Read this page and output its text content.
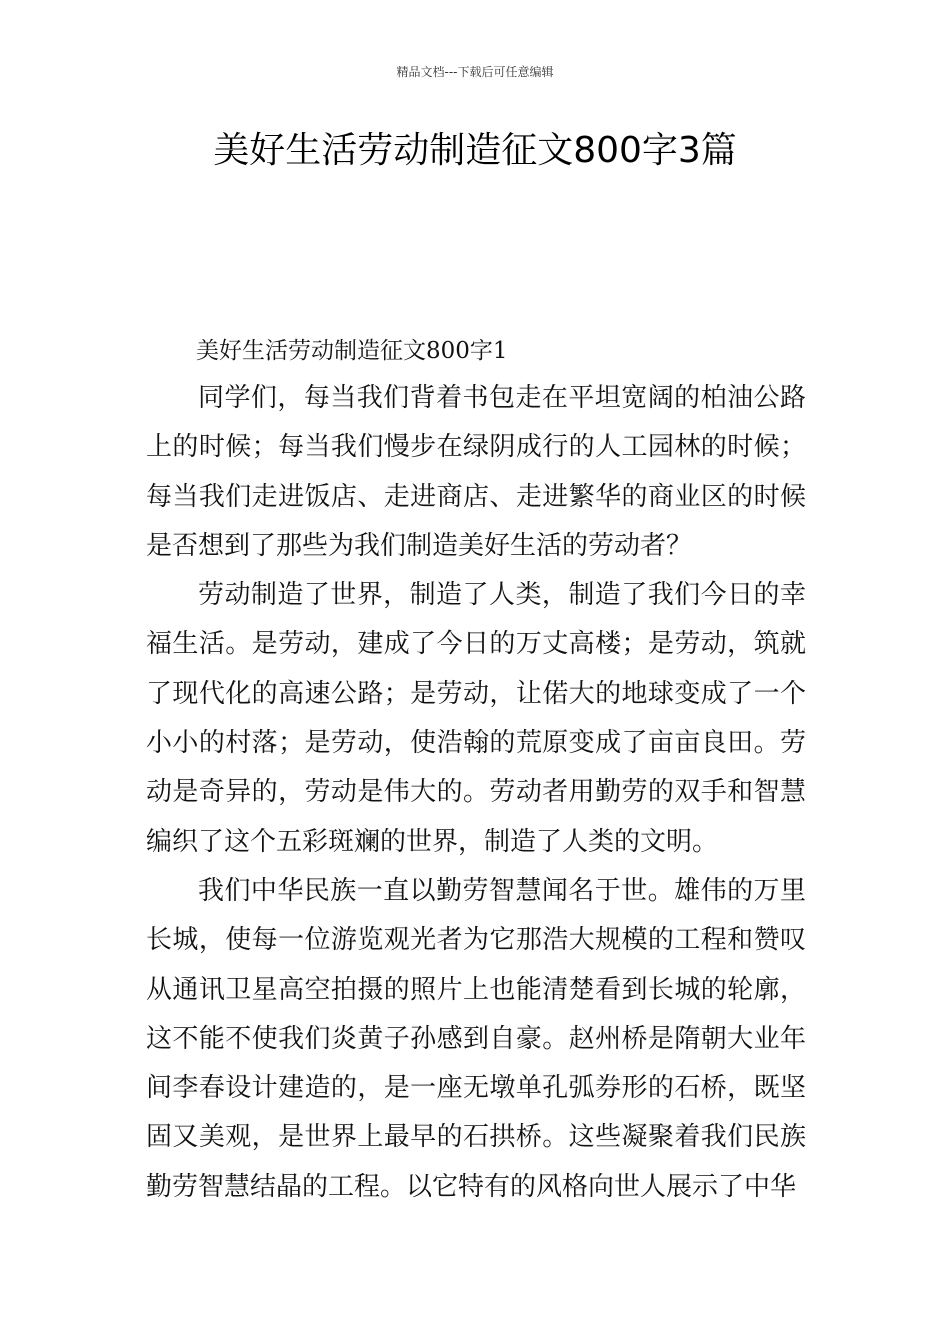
精品文档---下载后可任意编辑
美好生活劳动制造征文800字3篇

美好生活劳动制造征文800字1

同学们，每当我们背着书包走在平坦宽阔的柏油公路上的时候；每当我们慢步在绿阴成行的人工园林的时候；每当我们走进饭店、走进商店、走进繁华的商业区的时候是否想到了那些为我们制造美好生活的劳动者？

劳动制造了世界，制造了人类，制造了我们今日的幸福生活。是劳动，建成了今日的万丈高楼；是劳动，筑就了现代化的高速公路；是劳动，让偌大的地球变成了一个小小的村落；是劳动，使浩翰的荒原变成了亩亩良田。劳动是奇异的，劳动是伟大的。劳动者用勤劳的双手和智慧编织了这个五彩斑斓的世界，制造了人类的文明。

我们中华民族一直以勤劳智慧闻名于世。雄伟的万里长城，使每一位游览观光者为它那浩大规模的工程和赞叹从通讯卫星高空拍摄的照片上也能清楚看到长城的轮廓，这不能不使我们炎黄子孙感到自豪。赵州桥是隋朝大业年间李春设计建造的，是一座无墩单孔弧券形的石桥，既坚固又美观，是世界上最早的石拱桥。这些凝聚着我们民族勤劳智慧结晶的工程。以它特有的风格向世人展示了中华
